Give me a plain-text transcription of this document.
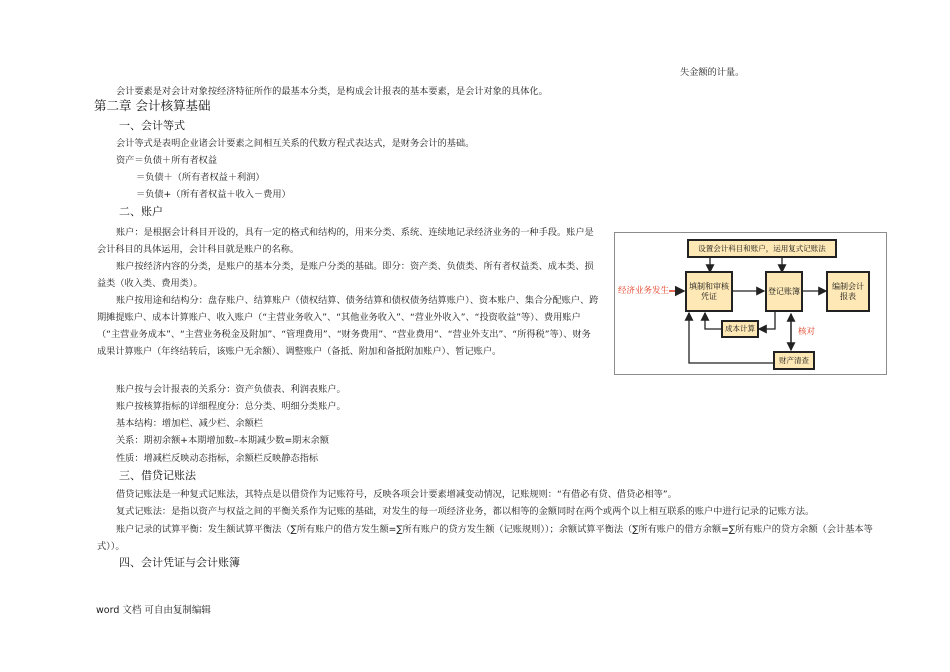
失金额的计量。
会计要素是对会计对象按经济特征所作的最基本分类，是构成会计报表的基本要素，是会计对象的具体化。
第二章 会计核算基础
一、会计等式
会计等式是表明企业诸会计要素之间相互关系的代数方程式表达式，是财务会计的基础。
资产＝负债＋所有者权益
＝负债＋（所有者权益＋利润）
＝负债+（所有者权益＋收入－费用）
二、账户
账户：是根据会计科目开设的，具有一定的格式和结构的，用来分类、系统、连续地记录经济业务的一种手段。账户是会计科目的具体运用，会计科目就是账户的名称。
账户按经济内容的分类，是账户的基本分类，是账户分类的基础。即分：资产类、负债类、所有者权益类、成本类、损益类（收入类、费用类）。
账户按用途和结构分：盘存账户、结算账户（债权结算、债务结算和债权债务结算账户）、资本账户、集合分配账户、跨期摊提账户、成本计算账户、收入账户（“主营业务收入”、“其他业务收入”、“营业外收入”、“投资收益”等）、费用账户（“主营业务成本”、“主营业务税金及附加”、“管理费用”、“财务费用”、“营业费用”、“营业外支出”、“所得税”等）、财务成果计算账户（年终结转后，该账户无余额）、调整账户（备抵、附加和备抵附加账户）、暂记账户。
账户按与会计报表的关系分：资产负债表、利润表账户。
账户按核算指标的详细程度分：总分类、明细分类账户。
基本结构：增加栏、减少栏、余额栏
关系：期初余额+本期增加数–本期减少数=期末余额
性质：增减栏反映动态指标，余额栏反映静态指标
三、借贷记账法
借贷记账法是一种复式记账法，其特点是以借贷作为记账符号，反映各项会计要素增减变动情况，记账规则：“有借必有贷、借贷必相等”。
复式记账法：是指以资产与权益之间的平衡关系作为记账的基础，对发生的每一项经济业务，都以相等的金额同时在两个或两个以上相互联系的账户中进行记录的记账方法。
账户记录的试算平衡：发生额试算平衡法（∑所有账户的借方发生额=∑所有账户的贷方发生额（记账规则））；余额试算平衡法（∑所有账户的借方余额=∑所有账户的贷方余额（会计基本等式））。
四、会计凭证与会计账簿
word 文档 可自由复制编辑
设置会计科目和账户，运用复式记账法
经济业务发生	填制和审核凭证
登记账簿
编制会计报表
成本计算	核对
财产清查
